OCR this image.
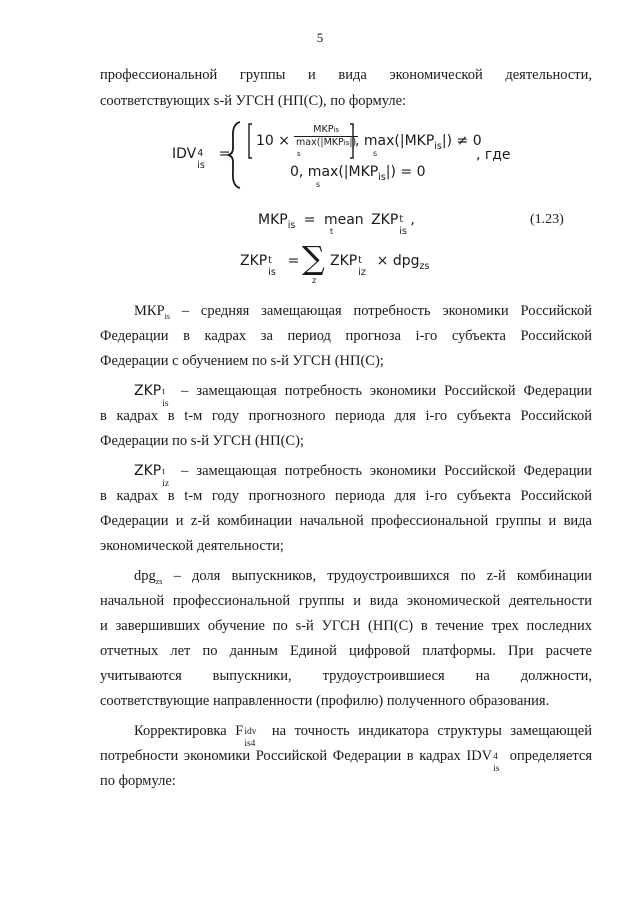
5
профессиональной группы и вида экономической деятельности,
соответствующих s-й УГСН (НП(С), по формуле:
IDV 4
is
=
$10 \times \frac{\text{MKPis}}{\text{max(|MKPis|)}}$
s
, $\max(|MKP_{is}|) \ne 0$
s	, где
0, $\max(|MKP_{is}|) = 0$
s
$MKP_{is}$ = mean ZKP t
is
,
t
(1.23)
ZKP t
is
= ∑
z
ZKP t
iz
× dpg$_{zs}$
$МКР_{is}$ – средняя замещающая потребность экономики Российской
Федерации в кадрах за период прогноза i-го субъекта Российской
Федерации с обучением по s-й УГСН (НП(С);
ZKP t
is
– замещающая потребность экономики Российской Федерации
в кадрах в t-м году прогнозного периода для i-го субъекта Российской
Федерации по s-й УГСН (НП(С);
ZKP t
iz
– замещающая потребность экономики Российской Федерации
в кадрах в t-м году прогнозного периода для i-го субъекта Российской
Федерации и z-й комбинации начальной профессиональной группы и вида
экономической деятельности;
dpg$_{zs}$ – доля выпускников, трудоустроившихся по z-й комбинации
начальной профессиональной группы и вида экономической деятельности
и завершивших обучение по s-й УГСН (НП(С) в течение трех последних
отчетных лет по данным Единой цифровой платформы. При расчете
учитываются выпускники, трудоустроившиеся на должности,
соответствующие направленности (профилю) полученного образования.
Корректировка F idv
is4
на точность индикатора структуры замещающей
потребности экономики Российской Федерации в кадрах IDV 4
is
определяется
по формуле:
